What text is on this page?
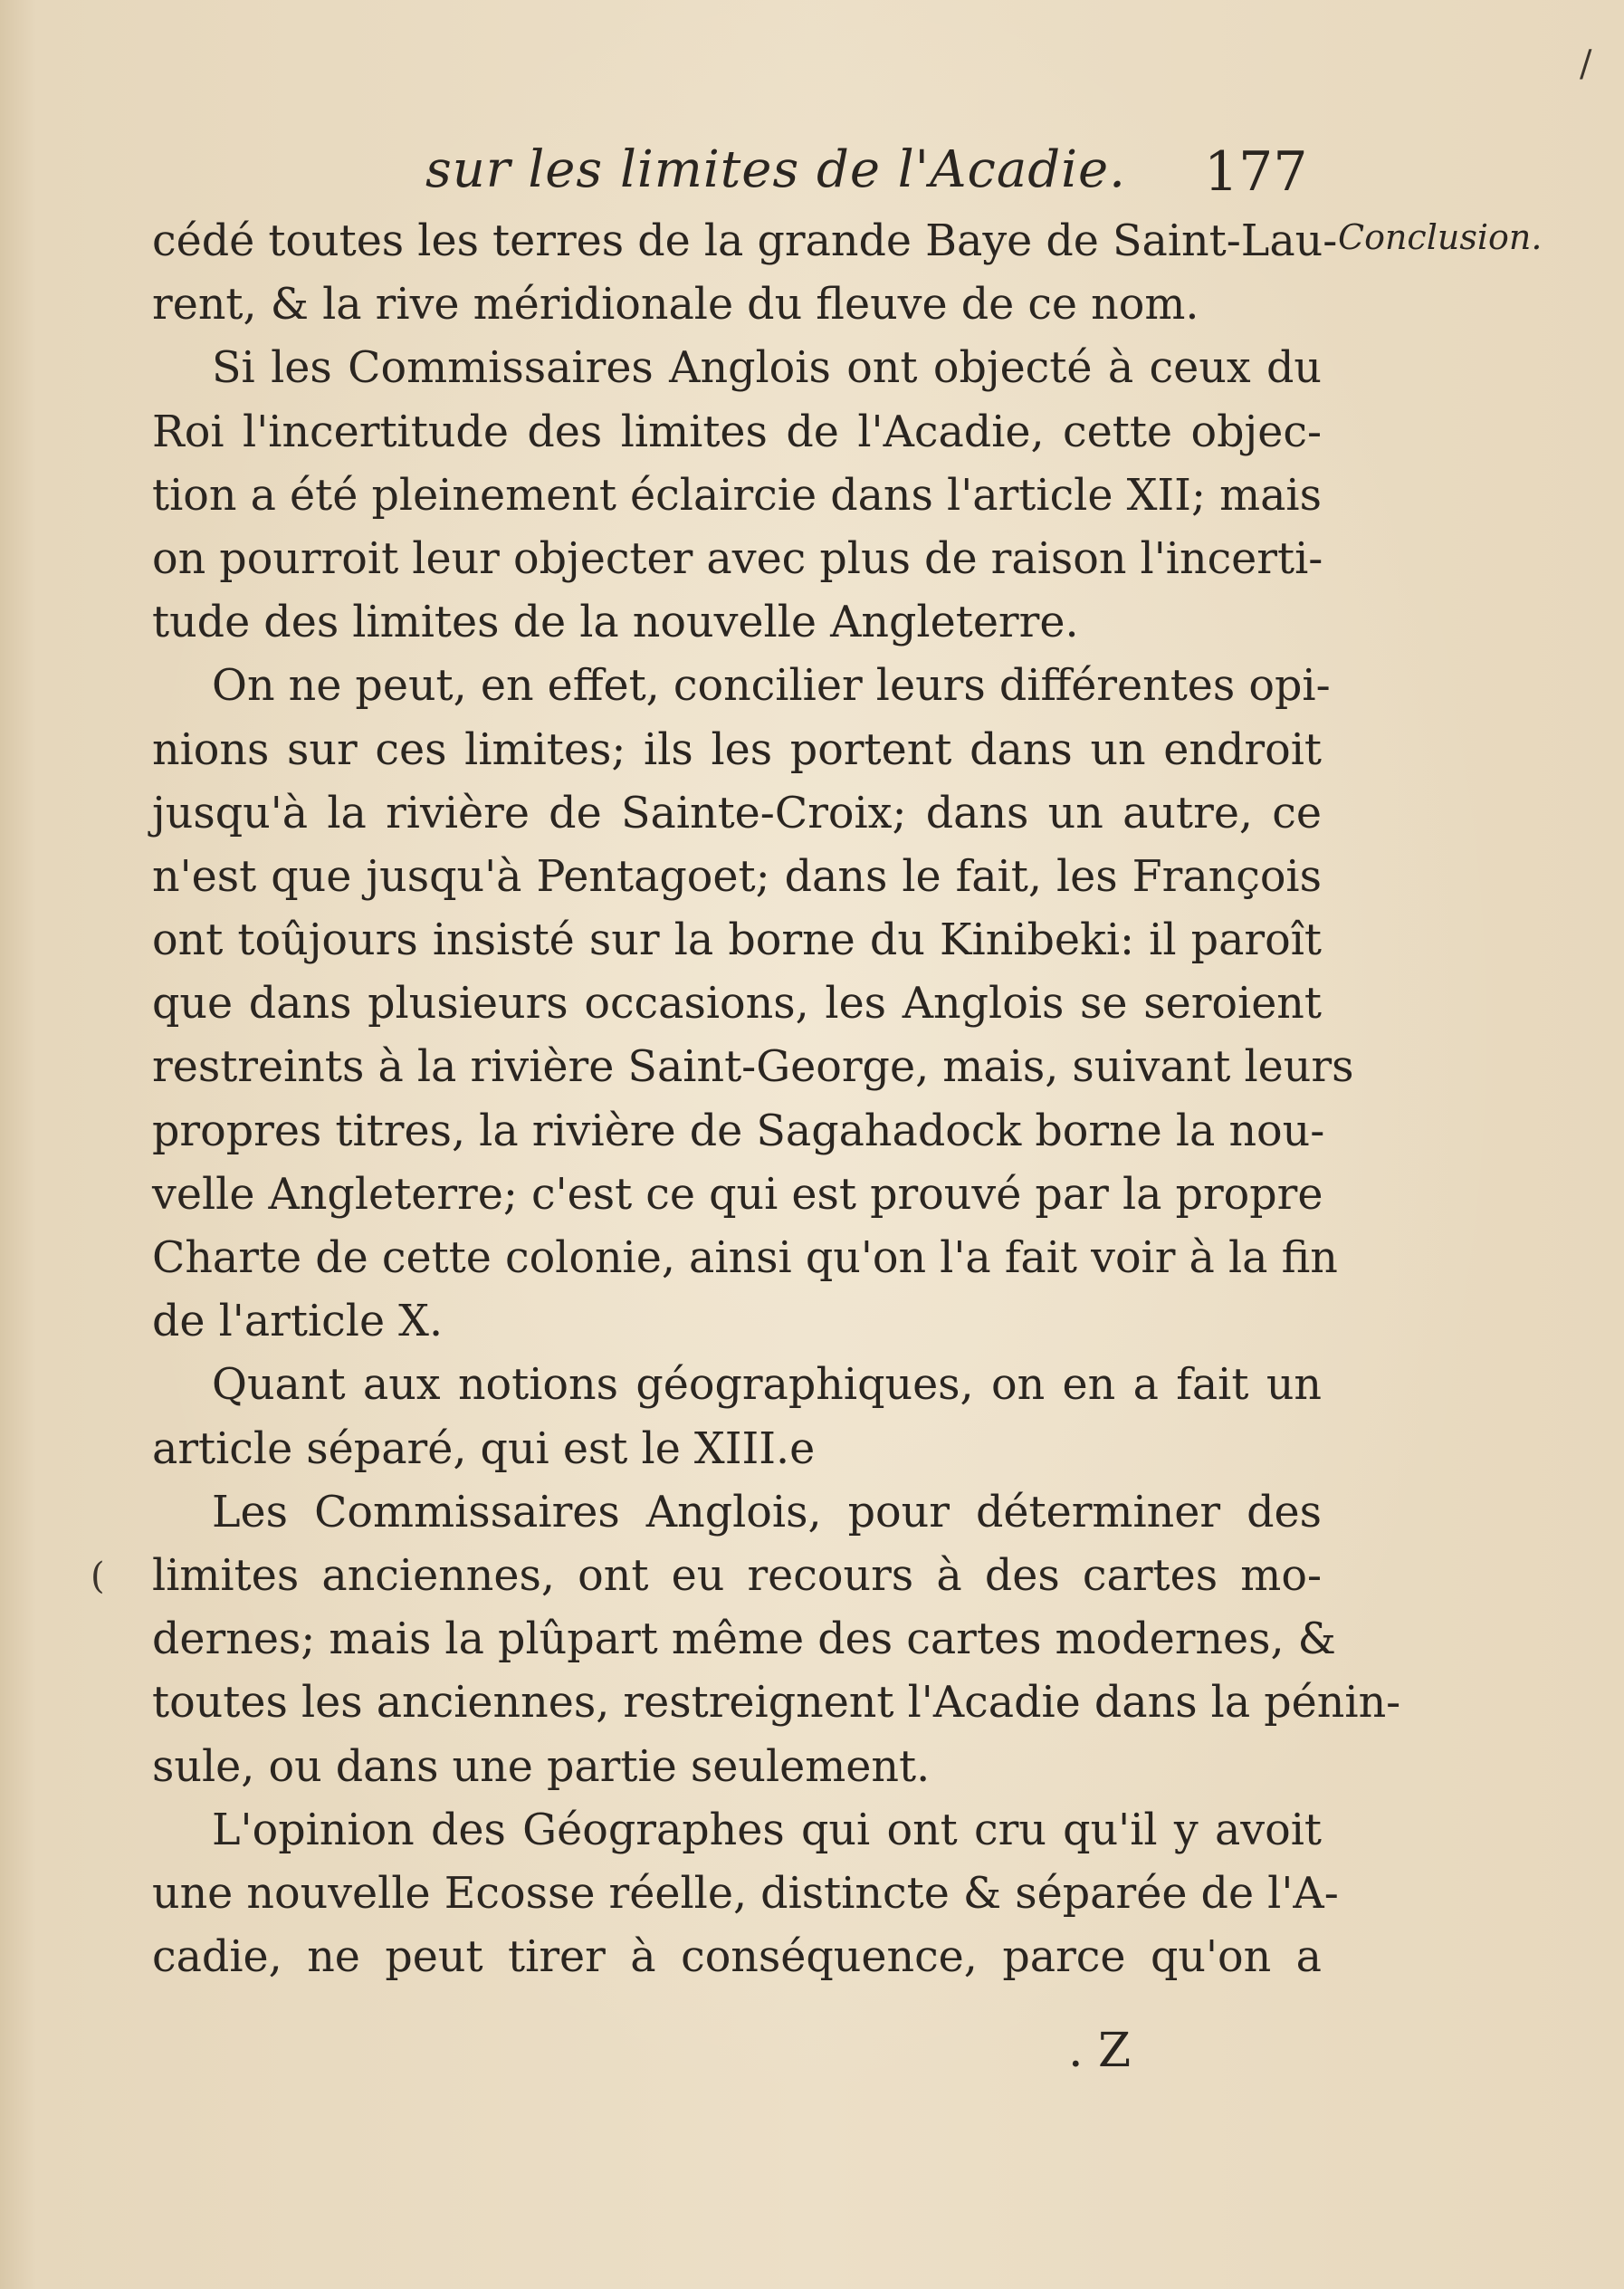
sur les limites de l'Acadie. 177
Conclusion.
cédé toutes les terres de la grande Baye de Saint-Lau-
rent, & la rive méridionale du fleuve de ce nom.
Si les Commissaires Anglois ont objecté à ceux du
Roi l'incertitude des limites de l'Acadie, cette objec-
tion a été pleinement éclaircie dans l'article XII; mais
on pourroit leur objecter avec plus de raison l'incerti-
tude des limites de la nouvelle Angleterre.
On ne peut, en effet, concilier leurs différentes opi-
nions sur ces limites; ils les portent dans un endroit
jusqu'à la rivière de Sainte-Croix; dans un autre, ce
n'est que jusqu'à Pentagoet; dans le fait, les François
ont toûjours insisté sur la borne du Kinibeki: il paroît
que dans plusieurs occasions, les Anglois se seroient
restreints à la rivière Saint-George, mais, suivant leurs
propres titres, la rivière de Sagahadock borne la nou-
velle Angleterre; c'est ce qui est prouvé par la propre
Charte de cette colonie, ainsi qu'on l'a fait voir à la fin
de l'article X.
Quant aux notions géographiques, on en a fait un
article séparé, qui est le XIII.e
Les Commissaires Anglois, pour déterminer des
limites anciennes, ont eu recours à des cartes mo-
dernes; mais la plûpart même des cartes modernes, &
toutes les anciennes, restreignent l'Acadie dans la pénin-
sule, ou dans une partie seulement.
L'opinion des Géographes qui ont cru qu'il y avoit
une nouvelle Ecosse réelle, distincte & séparée de l'A-
cadie, ne peut tirer à conséquence, parce qu'on a
. Z
/
(
